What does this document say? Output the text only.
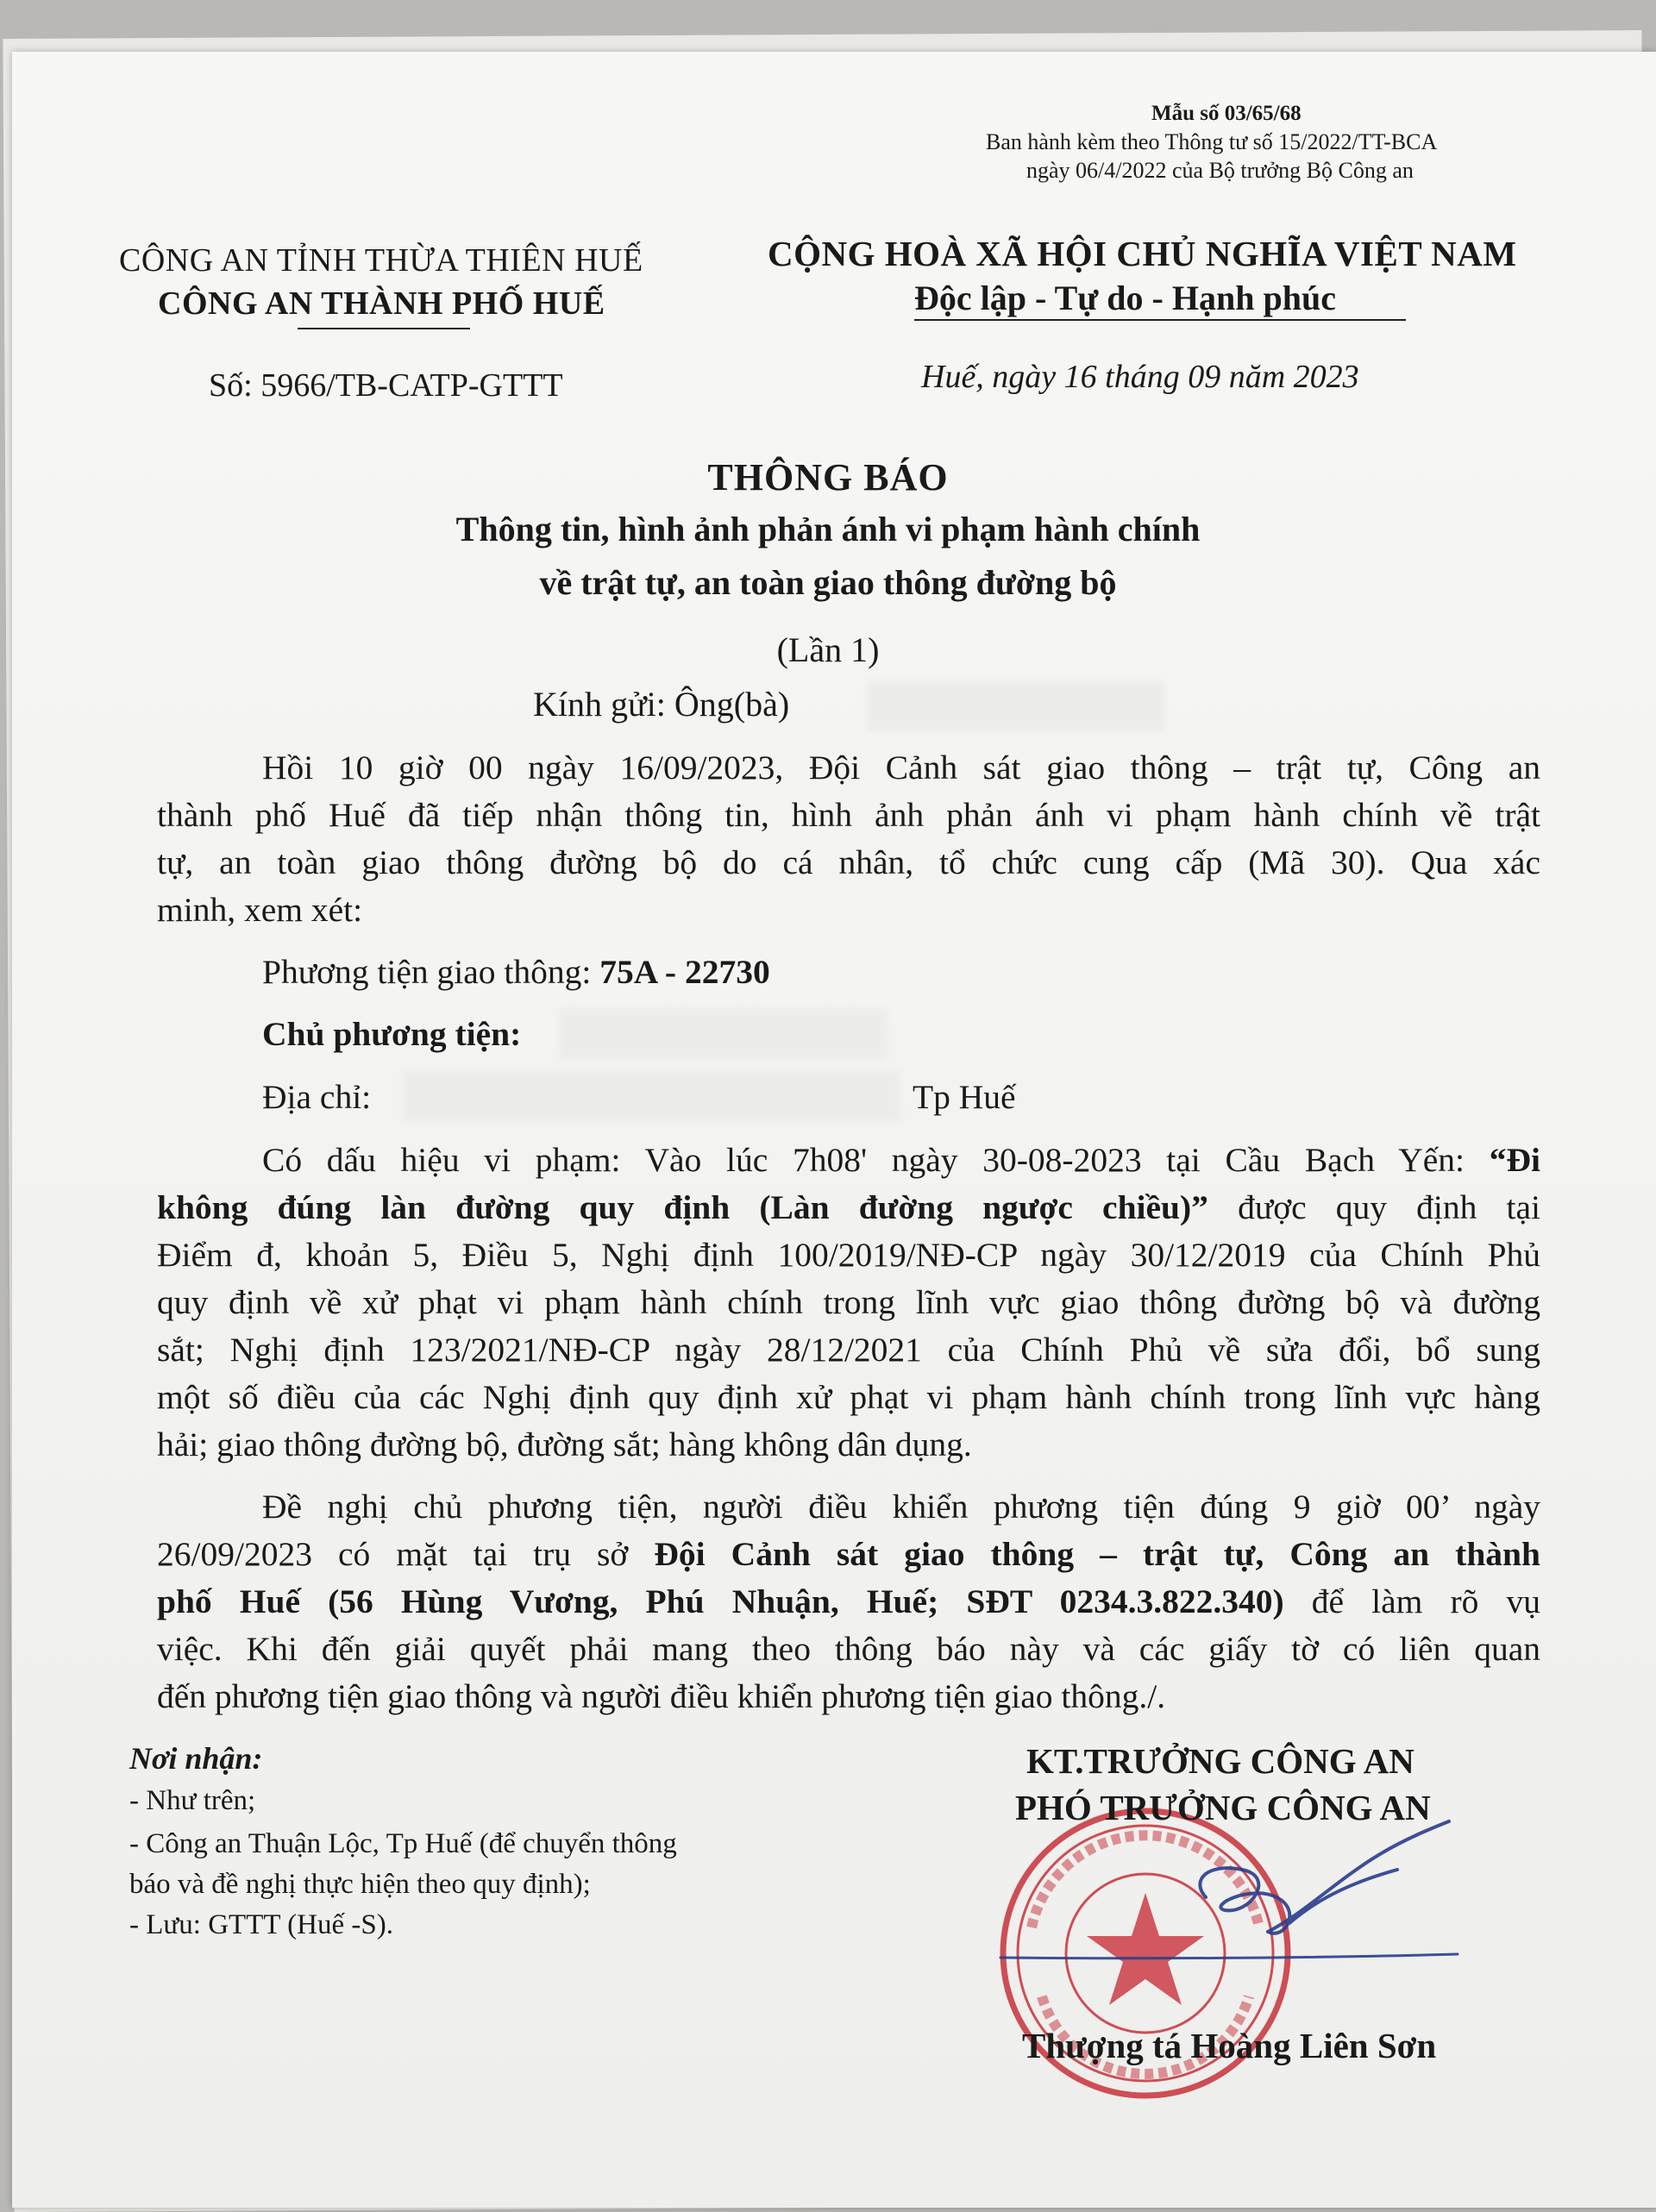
Mẫu số 03/65/68
Ban hành kèm theo Thông tư số 15/2022/TT-BCA
ngày 06/4/2022 của Bộ trưởng Bộ Công an
CÔNG AN TỈNH THỪA THIÊN HUẾ
CÔNG AN THÀNH PHỐ HUẾ
Số: 5966/TB-CATP-GTTT
CỘNG HOÀ XÃ HỘI CHỦ NGHĨA VIỆT NAM
Độc lập - Tự do - Hạnh phúc
Huế, ngày 16 tháng 09 năm 2023
THÔNG BÁO
Thông tin, hình ảnh phản ánh vi phạm hành chính
về trật tự, an toàn giao thông đường bộ
(Lần 1)
Kính gửi: Ông(bà)
Hồi 10 giờ 00 ngày 16/09/2023, Đội Cảnh sát giao thông – trật tự, Công an
thành phố Huế đã tiếp nhận thông tin, hình ảnh phản ánh vi phạm hành chính về trật
tự, an toàn giao thông đường bộ do cá nhân, tổ chức cung cấp (Mã 30). Qua xác
minh, xem xét:
Phương tiện giao thông: 75A - 22730
Chủ phương tiện:
Địa chỉ:	Tp Huế
Có dấu hiệu vi phạm: Vào lúc 7h08' ngày 30-08-2023 tại Cầu Bạch Yến: “Đi
không đúng làn đường quy định (Làn đường ngược chiều)” được quy định tại
Điểm đ, khoản 5, Điều 5, Nghị định 100/2019/NĐ-CP ngày 30/12/2019 của Chính Phủ
quy định về xử phạt vi phạm hành chính trong lĩnh vực giao thông đường bộ và đường
sắt; Nghị định 123/2021/NĐ-CP ngày 28/12/2021 của Chính Phủ về sửa đổi, bổ sung
một số điều của các Nghị định quy định xử phạt vi phạm hành chính trong lĩnh vực hàng
hải; giao thông đường bộ, đường sắt; hàng không dân dụng.
Đề nghị chủ phương tiện, người điều khiển phương tiện đúng 9 giờ 00’ ngày
26/09/2023 có mặt tại trụ sở Đội Cảnh sát giao thông – trật tự, Công an thành
phố Huế (56 Hùng Vương, Phú Nhuận, Huế; SĐT 0234.3.822.340) để làm rõ vụ
việc. Khi đến giải quyết phải mang theo thông báo này và các giấy tờ có liên quan
đến phương tiện giao thông và người điều khiển phương tiện giao thông./.
Nơi nhận:
- Như trên;
- Công an Thuận Lộc, Tp Huế (để chuyển thông
báo và đề nghị thực hiện theo quy định);
- Lưu: GTTT (Huế -S).
KT.TRƯỞNG CÔNG AN
PHÓ TRƯỞNG CÔNG AN
Thượng tá Hoàng Liên Sơn
